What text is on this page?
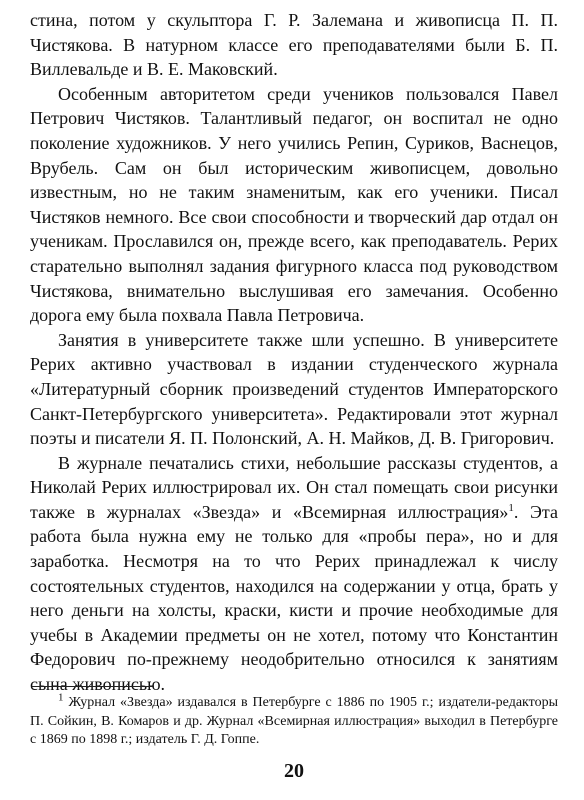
стина, потом у скульптора Г. Р. Залемана и живописца П. П. Чистякова. В натурном классе его преподавателями были Б. П. Виллевальде и В. Е. Маковский.

Особенным авторитетом среди учеников пользовался Павел Петрович Чистяков. Талантливый педагог, он воспитал не одно поколение художников. У него учились Репин, Суриков, Васнецов, Врубель. Сам он был историческим живописцем, довольно известным, но не таким знаменитым, как его ученики. Писал Чистяков немного. Все свои способности и творческий дар отдал он ученикам. Прославился он, прежде всего, как преподаватель. Рерих старательно выполнял задания фигурного класса под руководством Чистякова, внимательно выслушивая его замечания. Особенно дорога ему была похвала Павла Петровича.

Занятия в университете также шли успешно. В университете Рерих активно участвовал в издании студенческого журнала «Литературный сборник произведений студентов Императорского Санкт-Петербургского университета». Редактировали этот журнал поэты и писатели Я. П. Полонский, А. Н. Майков, Д. В. Григорович.

В журнале печатались стихи, небольшие рассказы студентов, а Николай Рерих иллюстрировал их. Он стал помещать свои рисунки также в журналах «Звезда» и «Всемирная иллюстрация»$^1$. Эта работа была нужна ему не только для «пробы пера», но и для заработка. Несмотря на то что Рерих принадлежал к числу состоятельных студентов, находился на содержании у отца, брать у него деньги на холсты, краски, кисти и прочие необходимые для учебы в Академии предметы он не хотел, потому что Константин Федорович по-прежнему неодобрительно относился к занятиям сына живописью.

$^1$ Журнал «Звезда» издавался в Петербурге с 1886 по 1905 г.; издатели-редакторы П. Сойкин, В. Комаров и др. Журнал «Всемирная иллюстрация» выходил в Петербурге с 1869 по 1898 г.; издатель Г. Д. Гоппе.

20
